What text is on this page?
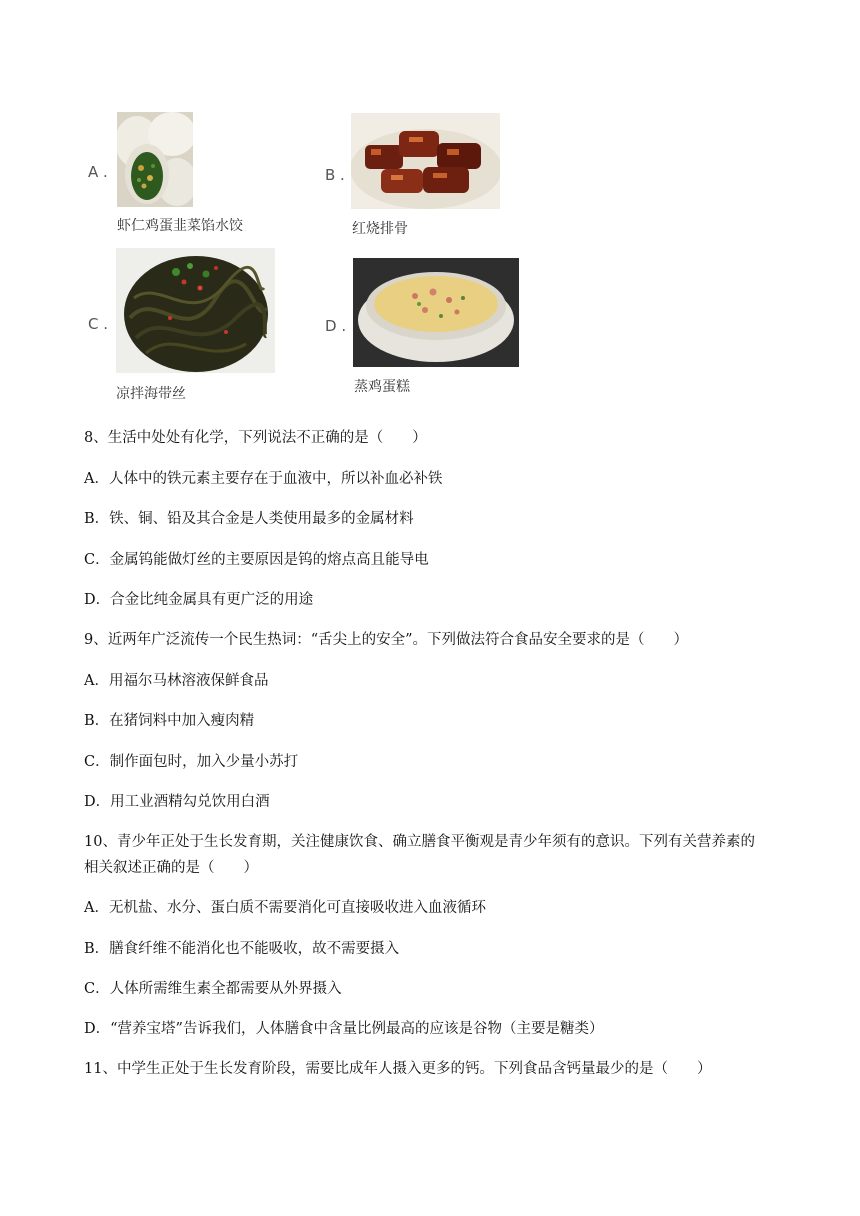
A .
虾仁鸡蛋韭菜馅水饺
B .
红烧排骨
C .
凉拌海带丝
D .
蒸鸡蛋糕
8、生活中处处有化学，下列说法不正确的是（　　）
A．人体中的铁元素主要存在于血液中，所以补血必补铁
B．铁、铜、铅及其合金是人类使用最多的金属材料
C．金属钨能做灯丝的主要原因是钨的熔点高且能导电
D．合金比纯金属具有更广泛的用途
9、近两年广泛流传一个民生热词：“舌尖上的安全”。下列做法符合食品安全要求的是（　　）
A．用福尔马林溶液保鲜食品
B．在猪饲料中加入瘦肉精
C．制作面包时，加入少量小苏打
D．用工业酒精勾兑饮用白酒
10、青少年正处于生长发育期，关注健康饮食、确立膳食平衡观是青少年须有的意识。下列有关营养素的
相关叙述正确的是（　　）
A．无机盐、水分、蛋白质不需要消化可直接吸收进入血液循环
B．膳食纤维不能消化也不能吸收，故不需要摄入
C．人体所需维生素全都需要从外界摄入
D．“营养宝塔”告诉我们，人体膳食中含量比例最高的应该是谷物（主要是糖类）
11、中学生正处于生长发育阶段，需要比成年人摄入更多的钙。下列食品含钙量最少的是（　　）
